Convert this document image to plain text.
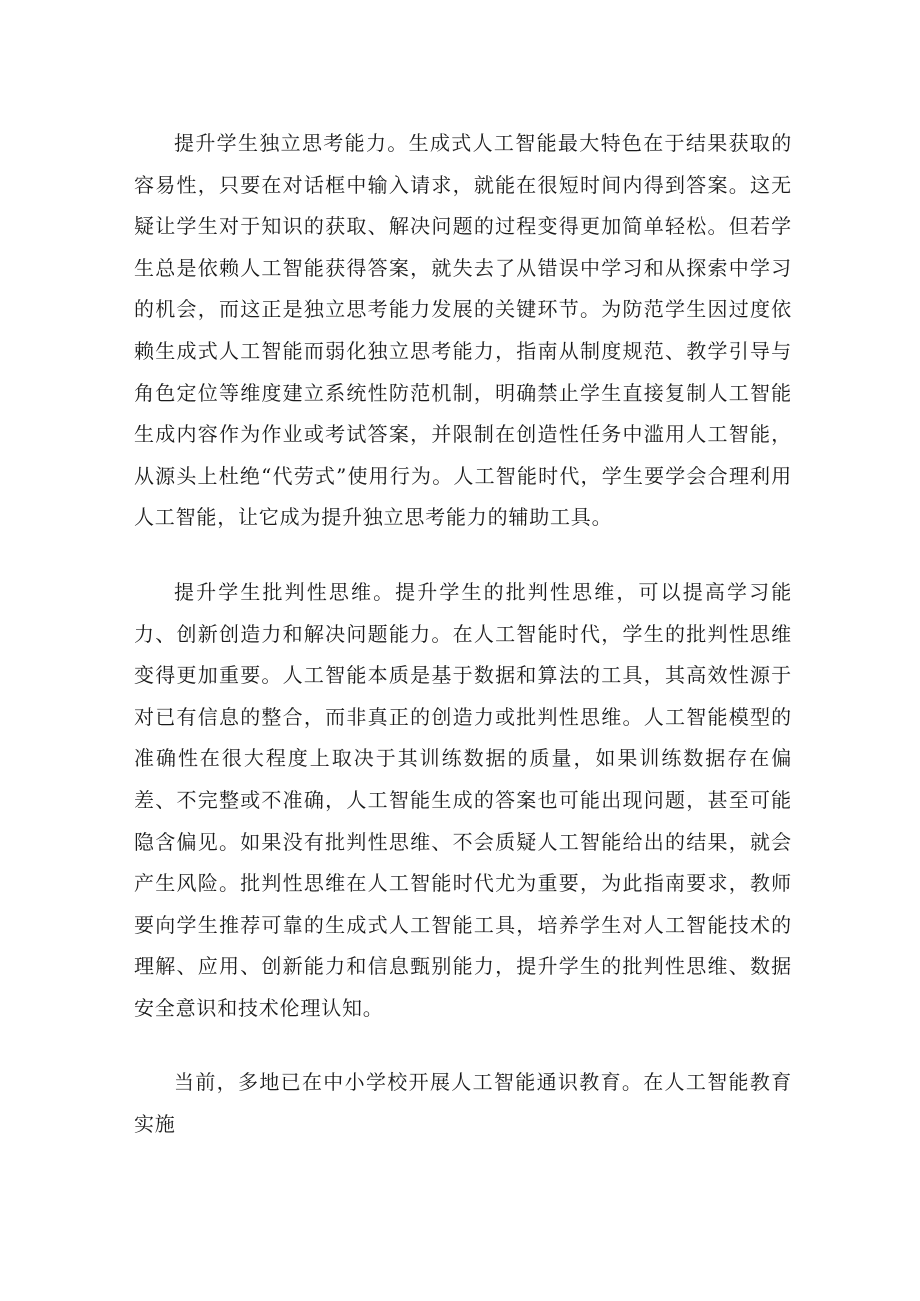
提升学生独立思考能力。生成式人工智能最大特色在于结果获取的容易性，只要在对话框中输入请求，就能在很短时间内得到答案。这无疑让学生对于知识的获取、解决问题的过程变得更加简单轻松。但若学生总是依赖人工智能获得答案，就失去了从错误中学习和从探索中学习的机会，而这正是独立思考能力发展的关键环节。为防范学生因过度依赖生成式人工智能而弱化独立思考能力，指南从制度规范、教学引导与角色定位等维度建立系统性防范机制，明确禁止学生直接复制人工智能生成内容作为作业或考试答案，并限制在创造性任务中滥用人工智能，从源头上杜绝“代劳式”使用行为。人工智能时代，学生要学会合理利用人工智能，让它成为提升独立思考能力的辅助工具。

提升学生批判性思维。提升学生的批判性思维，可以提高学习能力、创新创造力和解决问题能力。在人工智能时代，学生的批判性思维变得更加重要。人工智能本质是基于数据和算法的工具，其高效性源于对已有信息的整合，而非真正的创造力或批判性思维。人工智能模型的准确性在很大程度上取决于其训练数据的质量，如果训练数据存在偏差、不完整或不准确，人工智能生成的答案也可能出现问题，甚至可能隐含偏见。如果没有批判性思维、不会质疑人工智能给出的结果，就会产生风险。批判性思维在人工智能时代尤为重要，为此指南要求，教师要向学生推荐可靠的生成式人工智能工具，培养学生对人工智能技术的理解、应用、创新能力和信息甄别能力，提升学生的批判性思维、数据安全意识和技术伦理认知。

当前，多地已在中小学校开展人工智能通识教育。在人工智能教育实施
